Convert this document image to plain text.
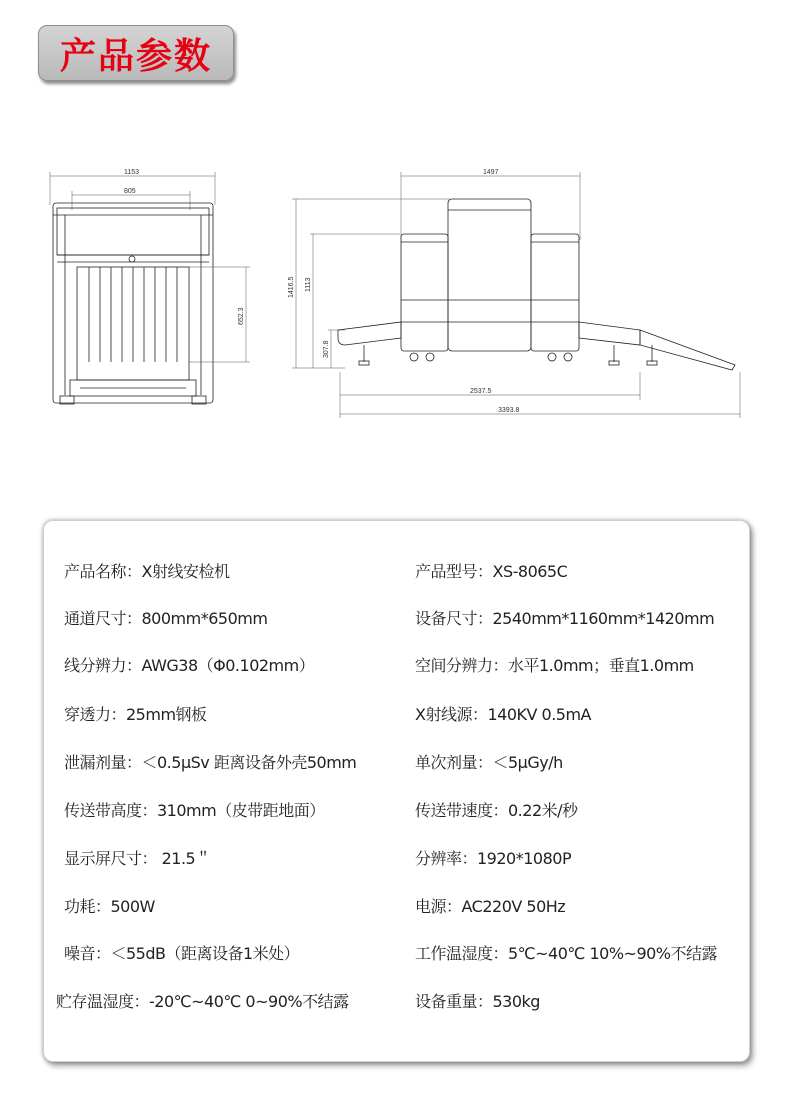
产品参数
1153
805
652.3
1497
1416.5 1113
307.8
2537.5
3393.8
产品名称：X射线安检机	产品型号：XS-8065C
通道尺寸：800mm*650mm	设备尺寸：2540mm*1160mm*1420mm
线分辨力：AWG38（Φ0.102mm）	空间分辨力：水平1.0mm；垂直1.0mm
穿透力：25mm钢板	X射线源：140KV 0.5mA
泄漏剂量：＜0.5μSv 距离设备外壳50mm	单次剂量：＜5μGy/h
传送带高度：310mm（皮带距地面）	传送带速度：0.22米/秒
显示屏尺寸： 21.5＂	分辨率：1920*1080P
功耗：500W	电源：AC220V 50Hz
噪音：＜55dB（距离设备1米处）	工作温湿度：5℃~40℃ 10%~90%不结露
贮存温湿度：-20℃~40℃ 0~90%不结露	设备重量：530kg
